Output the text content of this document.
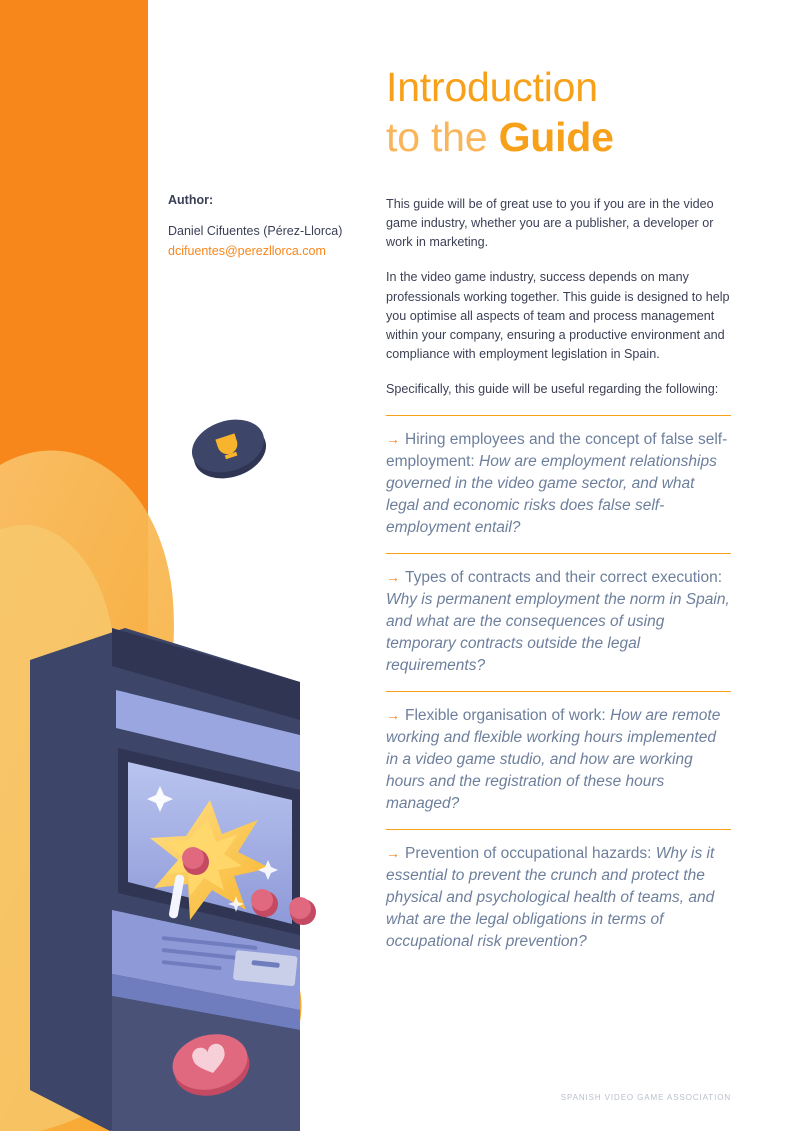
Author:

Daniel Cifuentes (Pérez-Llorca)

dcifuentes@perezllorca.com
Introduction
to the Guide

This guide will be of great use to you if you are in the video game industry, whether you are a publisher, a developer or work in marketing.

In the video game industry, success depends on many professionals working together. This guide is designed to help you optimise all aspects of team and process management within your company, ensuring a productive environment and compliance with employment legislation in Spain.

Specifically, this guide will be useful regarding the following:

→ Hiring employees and the concept of false self-employment: How are employment relationships governed in the video game sector, and what legal and economic risks does false self-employment entail?

→ Types of contracts and their correct execution: Why is permanent employment the norm in Spain, and what are the consequences of using temporary contracts outside the legal requirements?

→ Flexible organisation of work: How are remote working and flexible working hours implemented in a video game studio, and how are working hours and the registration of these hours managed?

→ Prevention of occupational hazards: Why is it essential to prevent the crunch and protect the physical and psychological health of teams, and what are the legal obligations in terms of occupational risk prevention?

SPANISH VIDEO GAME ASSOCIATION
